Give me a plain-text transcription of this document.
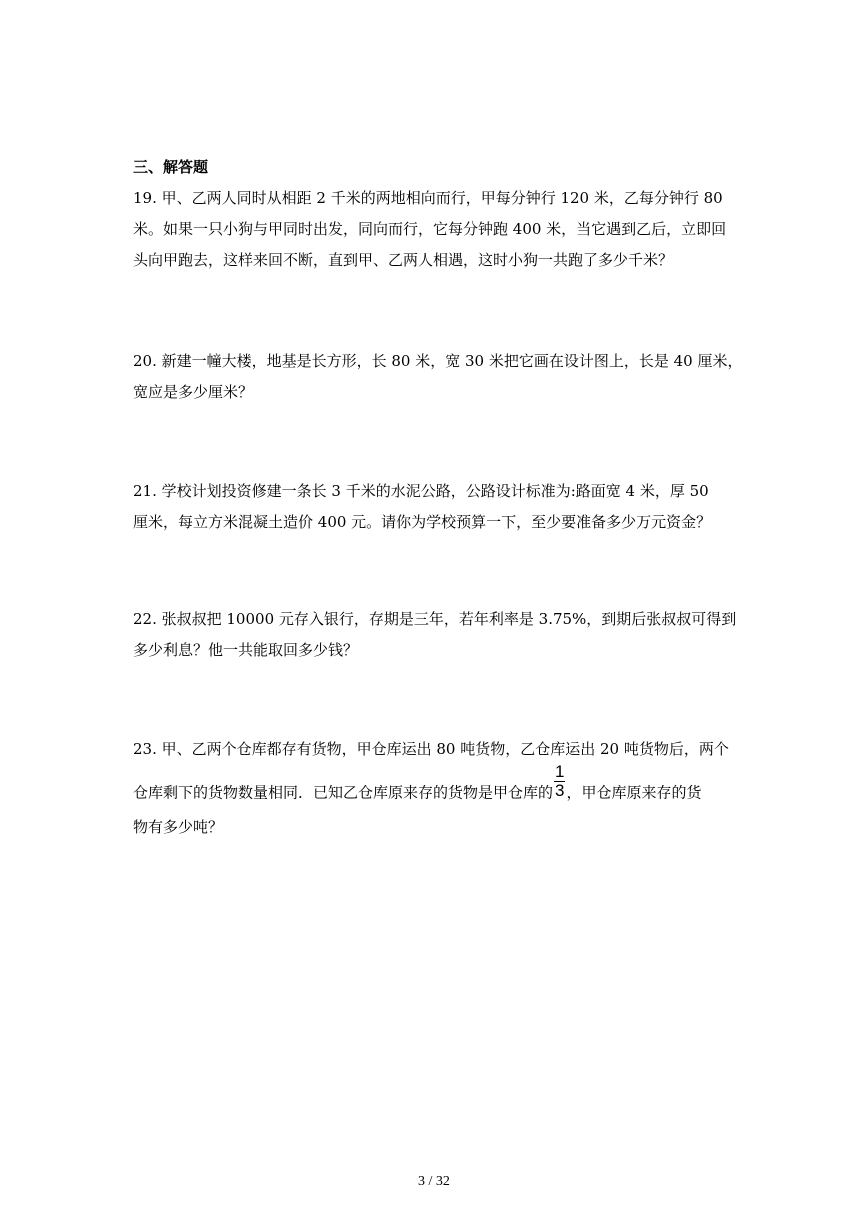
三、解答题

19. 甲、乙两人同时从相距 2 千米的两地相向而行，甲每分钟行 120 米，乙每分钟行 80

米。如果一只小狗与甲同时出发，同向而行，它每分钟跑 400 米，当它遇到乙后，立即回

头向甲跑去，这样来回不断，直到甲、乙两人相遇，这时小狗一共跑了多少千米？

20. 新建一幢大楼，地基是长方形，长 80 米，宽 30 米把它画在设计图上，长是 40 厘米，

宽应是多少厘米？

21. 学校计划投资修建一条长 3 千米的水泥公路，公路设计标准为:路面宽 4 米，厚 50

厘米，每立方米混凝土造价 400 元。请你为学校预算一下，至少要准备多少万元资金？

22. 张叔叔把 10000 元存入银行，存期是三年，若年利率是 3.75%，到期后张叔叔可得到

多少利息？他一共能取回多少钱？

23. 甲、乙两个仓库都存有货物，甲仓库运出 80 吨货物，乙仓库运出 20 吨货物后，两个

仓库剩下的货物数量相同．已知乙仓库原来存的货物是甲仓库的 $\frac{1}{3}$ ，甲仓库原来存的货

物有多少吨？

3 / 32
